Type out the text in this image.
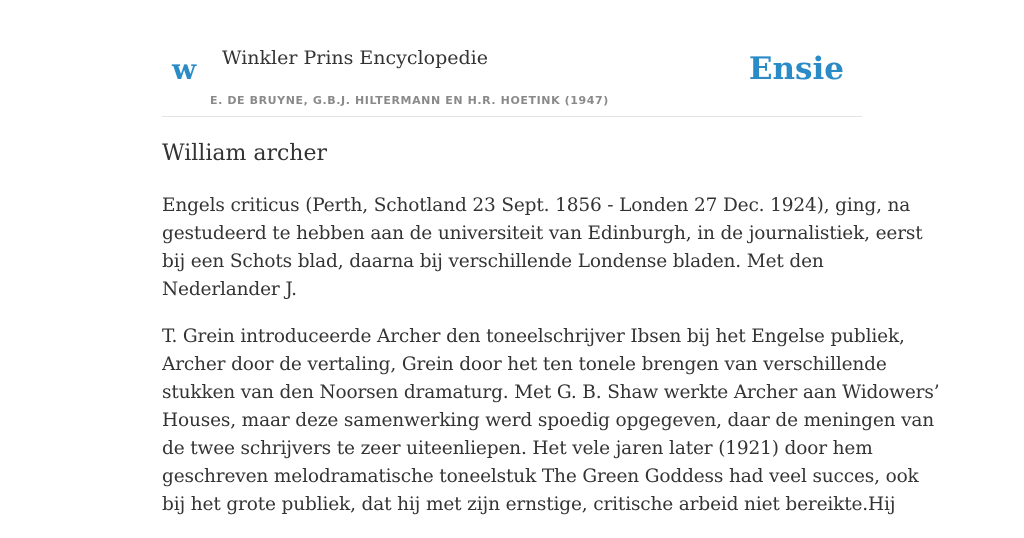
w Winkler Prins Encyclopedie
E. DE BRUYNE, G.B.J. HILTERMANN EN H.R. HOETINK (1947)
Ensie
William archer

Engels criticus (Perth, Schotland 23 Sept. 1856 - Londen 27 Dec. 1924), ging, na
gestudeerd te hebben aan de universiteit van Edinburgh, in de journalistiek, eerst
bij een Schots blad, daarna bij verschillende Londense bladen. Met den
Nederlander J.

T. Grein introduceerde Archer den toneelschrijver Ibsen bij het Engelse publiek,
Archer door de vertaling, Grein door het ten tonele brengen van verschillende
stukken van den Noorsen dramaturg. Met G. B. Shaw werkte Archer aan Widowers’
Houses, maar deze samenwerking werd spoedig opgegeven, daar de meningen van
de twee schrijvers te zeer uiteenliepen. Het vele jaren later (1921) door hem
geschreven melodramatische toneelstuk The Green Goddess had veel succes, ook
bij het grote publiek, dat hij met zijn ernstige, critische arbeid niet bereikte.Hij
